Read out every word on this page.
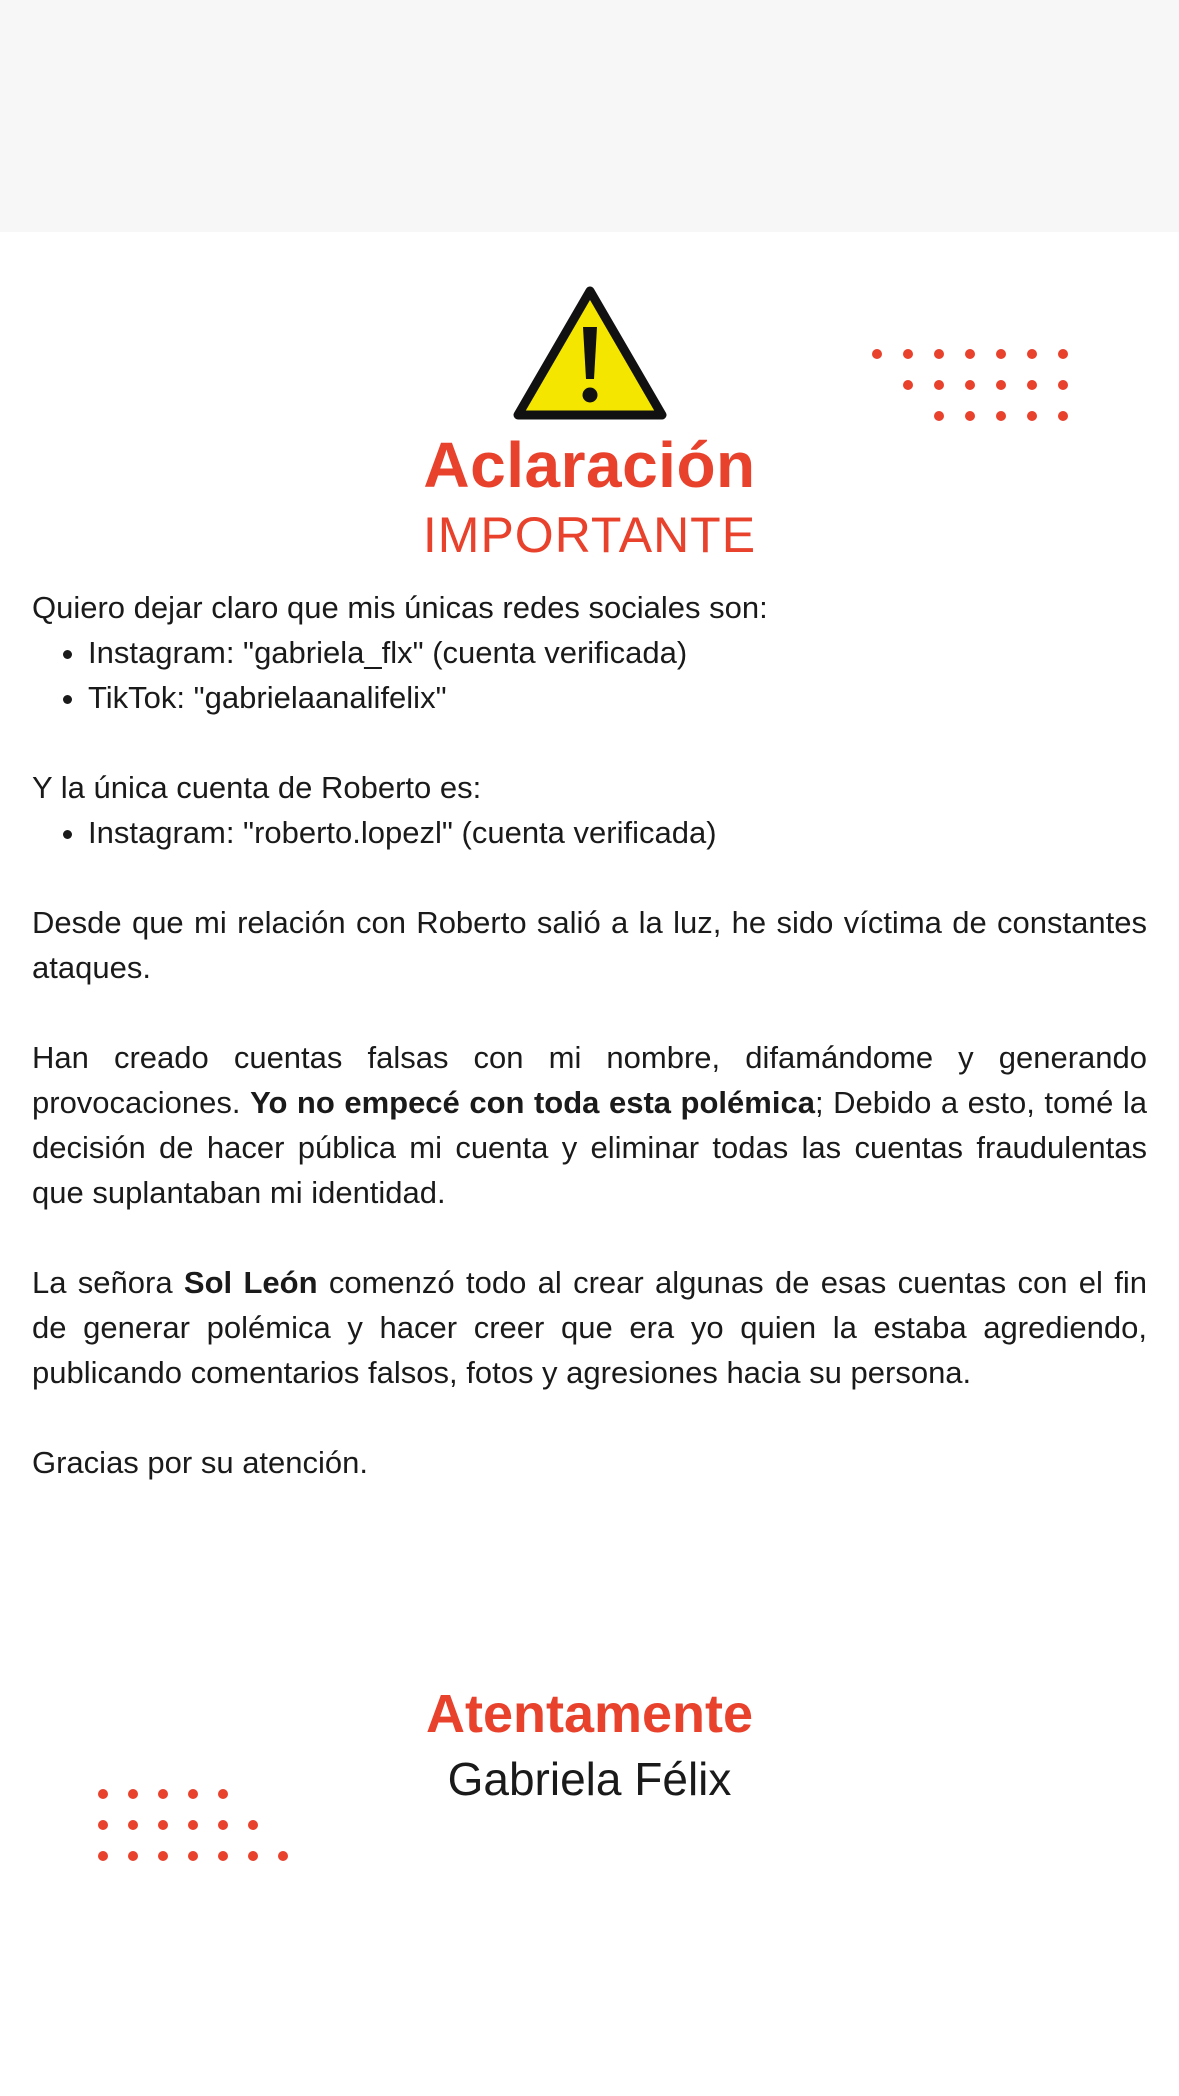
Aclaración
IMPORTANTE

Quiero dejar claro que mis únicas redes sociales son:

• Instagram: "gabriela_flx" (cuenta verificada)
• TikTok: "gabrielaanalifelix"

Y la única cuenta de Roberto es:

• Instagram: "roberto.lopezl" (cuenta verificada)

Desde que mi relación con Roberto salió a la luz, he sido víctima de constantes ataques.

Han creado cuentas falsas con mi nombre, difamándome y generando provocaciones. Yo no empecé con toda esta polémica; Debido a esto, tomé la decisión de hacer pública mi cuenta y eliminar todas las cuentas fraudulentas que suplantaban mi identidad.

La señora Sol León comenzó todo al crear algunas de esas cuentas con el fin de generar polémica y hacer creer que era yo quien la estaba agrediendo, publicando comentarios falsos, fotos y agresiones hacia su persona.

Gracias por su atención.

Atentamente
Gabriela Félix
